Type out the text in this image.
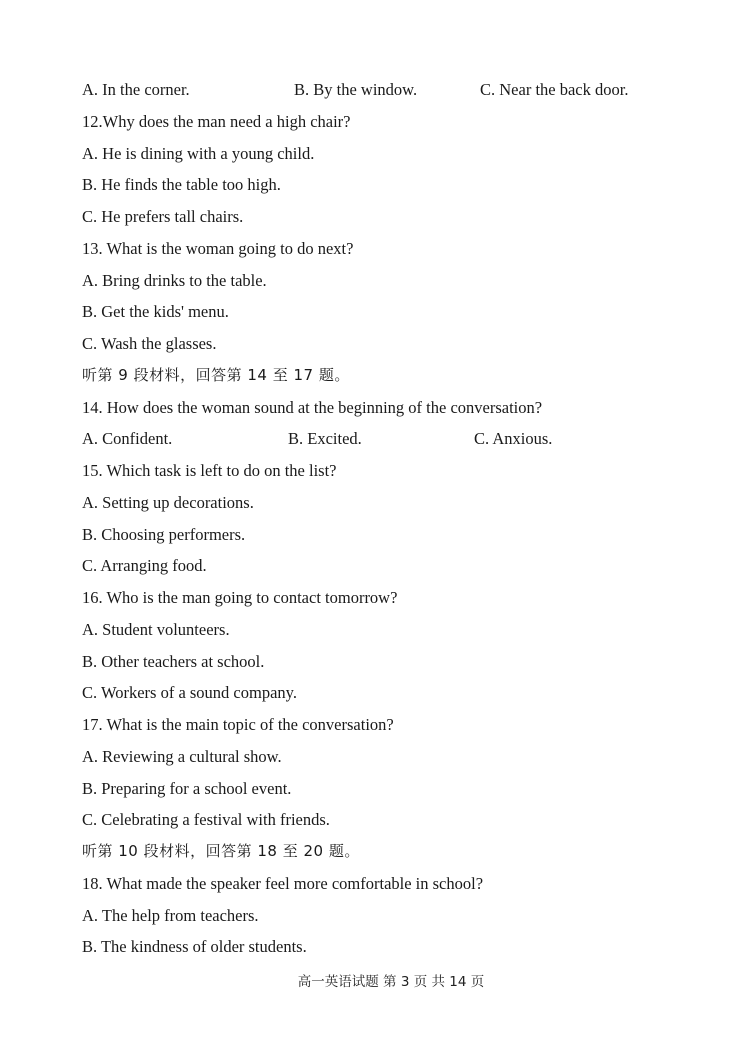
A. In the corner.	B. By the window.	C. Near the back door.
12.Why does the man need a high chair?
A. He is dining with a young child.
B. He finds the table too high.
C. He prefers tall chairs.
13. What is the woman going to do next?
A. Bring drinks to the table.
B. Get the kids' menu.
C. Wash the glasses.
听第 9 段材料，回答第 14 至 17 题。
14. How does the woman sound at the beginning of the conversation?
A. Confident.	B. Excited.	C. Anxious.
15. Which task is left to do on the list?
A. Setting up decorations.
B. Choosing performers.
C. Arranging food.
16. Who is the man going to contact tomorrow?
A. Student volunteers.
B. Other teachers at school.
C. Workers of a sound company.
17. What is the main topic of the conversation?
A. Reviewing a cultural show.
B. Preparing for a school event.
C. Celebrating a festival with friends.
听第 10 段材料，回答第 18 至 20 题。
18. What made the speaker feel more comfortable in school?
A. The help from teachers.
B. The kindness of older students.
高一英语试题 第 3 页 共 14 页
